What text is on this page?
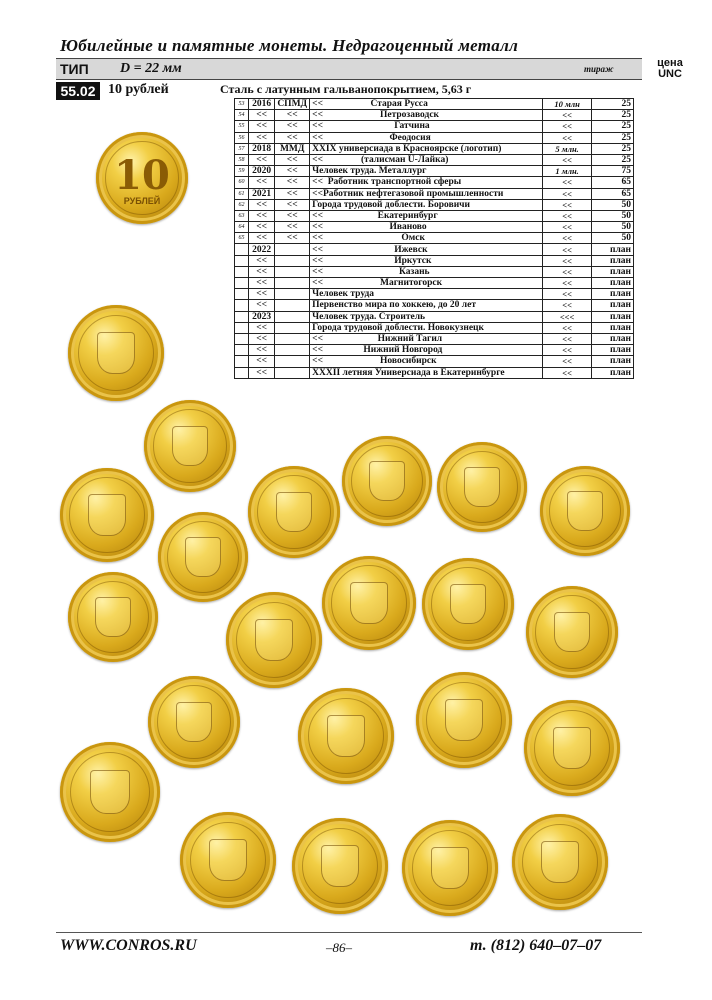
Юбилейные и памятные монеты. Недрагоценный металл
ТИП D = 22 мм	тираж	цена
UNC
55.02 10 рублей	Сталь с латунным гальванопокрытием, 5,63 г
53	2016	СПМД	<<                    Старая Русса	10 млн	25
54	<<	<<	<<                        Петрозаводск	<<	25
55	<<	<<	<<                              Гатчина	<<	25
56	<<	<<	<<                            Феодосия	<<	25
57	2018	ММД	XXIX универсиада в Красноярске (логотип)	5 млн.	25
58	<<	<<	<<                (талисман U-Лайка)	<<	25
59	2020	<<	Человек труда. Металлург	1 млн.	75
60	<<	<<	<<  Работник транспортной сферы	<<	65
61	2021	<<	<<Работник нефтегазовой промышленности	<<	65
62	<<	<<	Города трудовой доблести. Боровичи	<<	50
63	<<	<<	<<                       Екатеринбург	<<	50
64	<<	<<	<<                            Иваново	<<	50
65	<<	<<	<<                                 Омск	<<	50
	2022		<<                              Ижевск	<<	план
	<<		<<                              Иркутск	<<	план
	<<		<<                                Казань	<<	план
	<<		<<                        Магнитогорск	<<	план
	<<		Человек труда	<<	план
	<<		Первенство мира по хоккею, до 20 лет	<<	план
	2023		Человек труда. Строитель	<<<	план
	<<		Города трудовой доблести. Новокузнецк	<<	план
	<<		<<                       Нижний Тагил	<<	план
	<<		<<                 Нижний Новгород	<<	план
	<<		<<                        Новосибирск	<<	план
	<<		XXXII летняя Универсиада в Екатеринбурге	<<	план
10
РУБЛЕЙ
WWW.CONROS.RU	–86–	т. (812) 640–07–07
